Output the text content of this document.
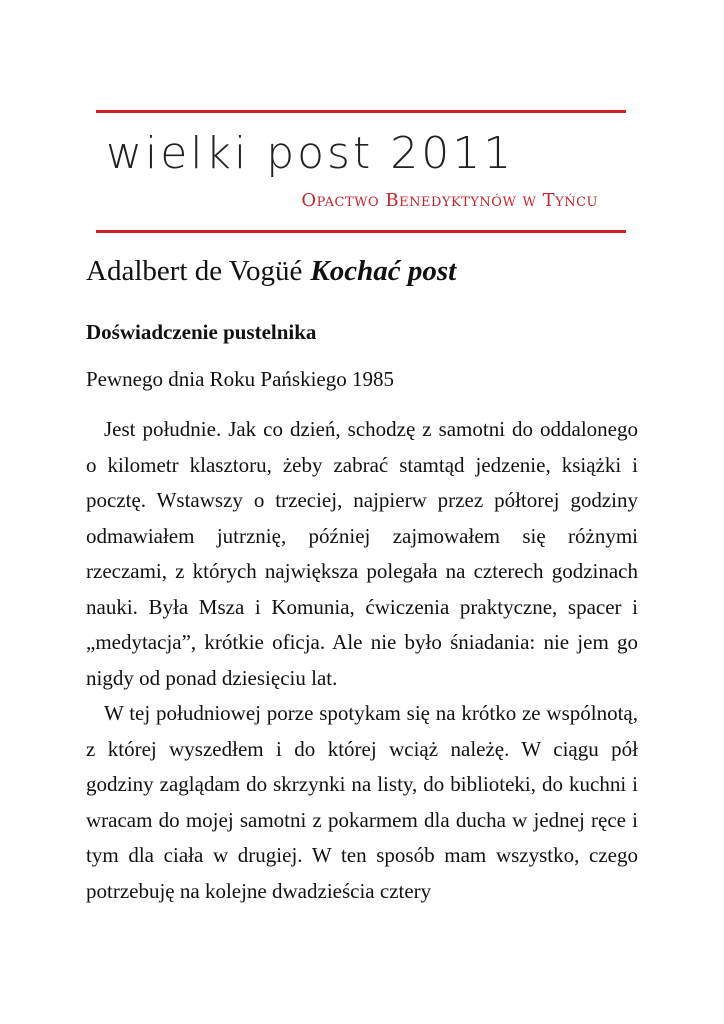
wielki post 2011
Opactwo Benedyktynów w Tyńcu
Adalbert de Vogüé Kochać post
Doświadczenie pustelnika
Pewnego dnia Roku Pańskiego 1985

Jest południe. Jak co dzień, schodzę z samotni do oddalonego o kilometr klasztoru, żeby zabrać stamtąd jedzenie, książki i pocztę. Wstawszy o trzeciej, najpierw przez półtorej godziny odmawiałem jutrznię, później zajmowałem się różnymi rzeczami, z których największa polegała na czterech godzinach nauki. Była Msza i Komunia, ćwiczenia praktyczne, spacer i „medytacja”, krótkie oficja. Ale nie było śniadania: nie jem go nigdy od ponad dziesięciu lat.

W tej południowej porze spotykam się na krótko ze wspólnotą, z której wyszedłem i do której wciąż należę. W ciągu pół godziny zaglądam do skrzynki na listy, do biblioteki, do kuchni i wracam do mojej samotni z pokarmem dla ducha w jednej ręce i tym dla ciała w drugiej. W ten sposób mam wszystko, czego potrzebuję na kolejne dwadzieścia cztery
